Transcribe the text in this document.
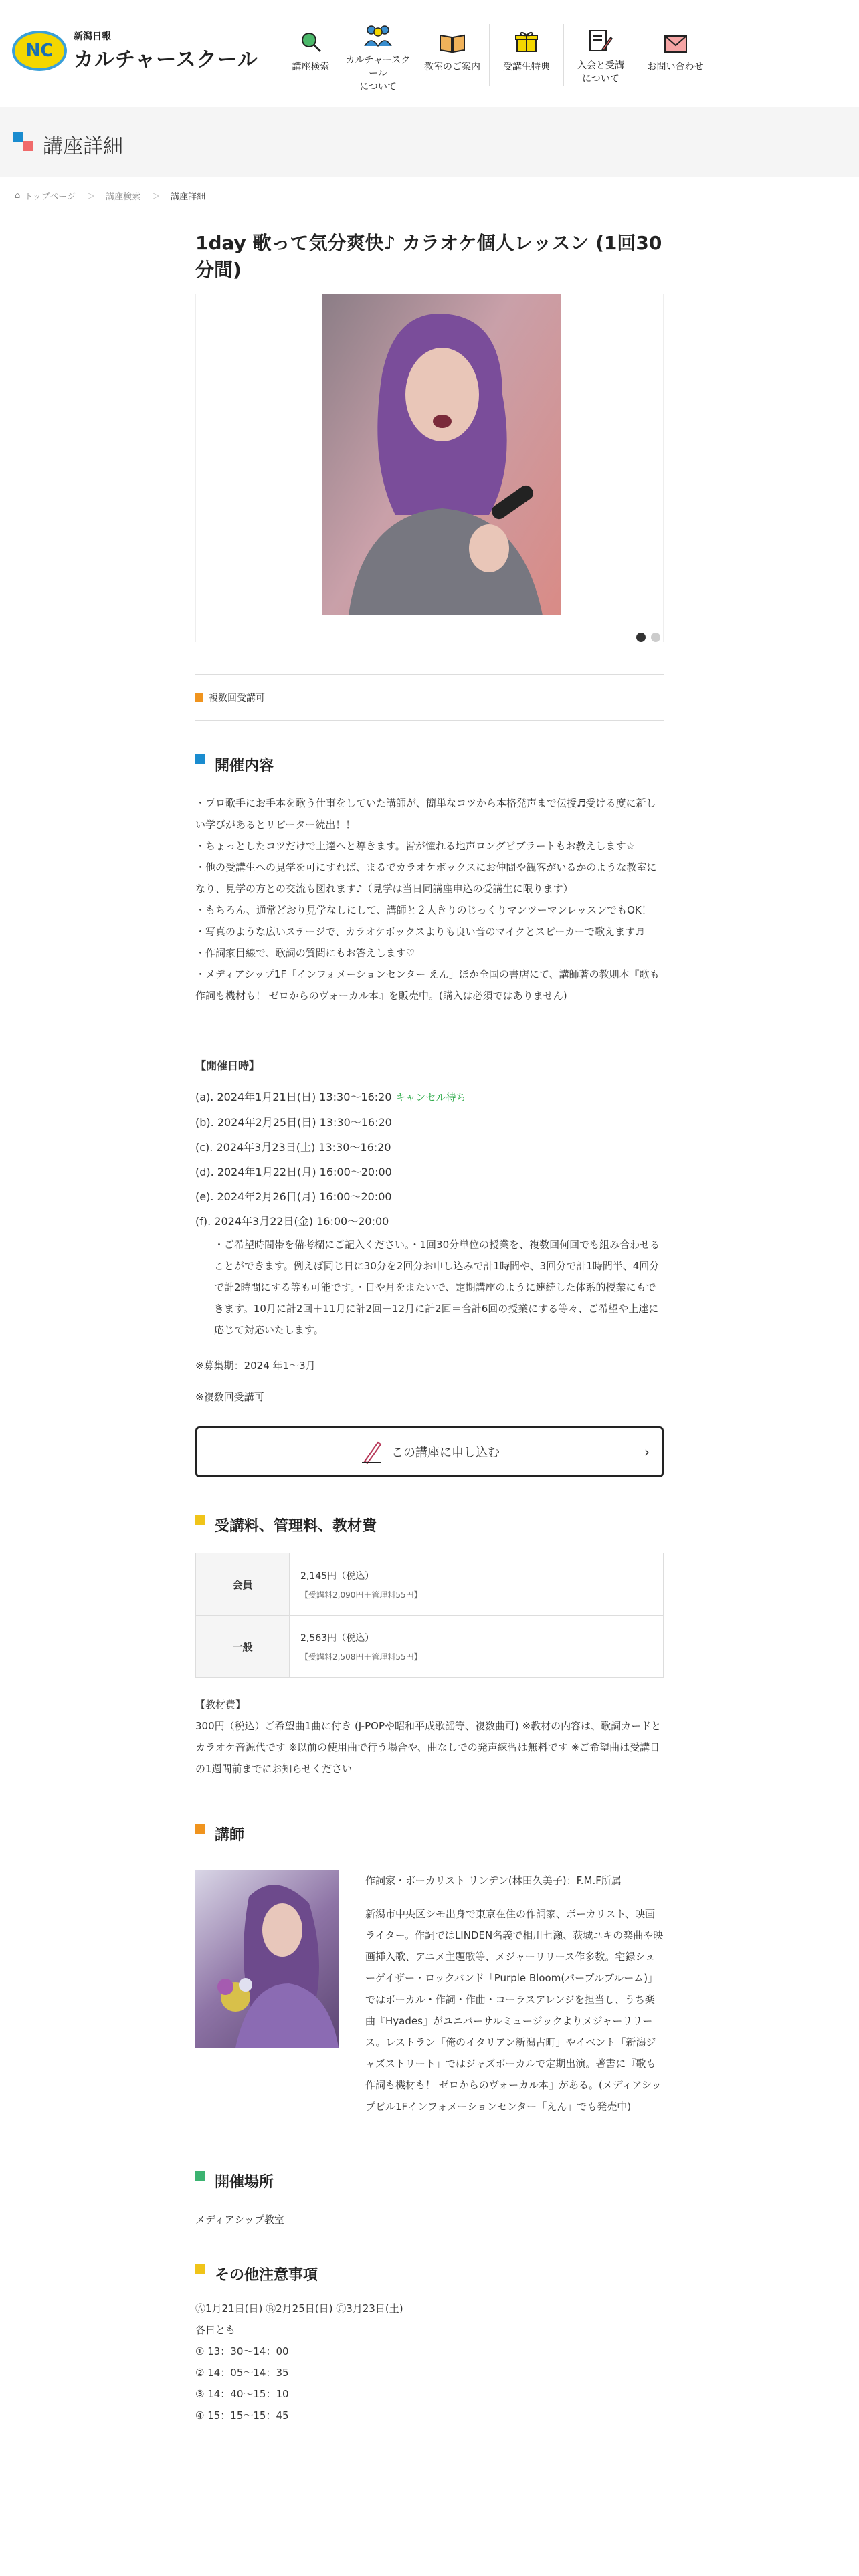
NC
新潟日報
カルチャースクール	講座検索
カルチャースクール
について
教室のご案内 受講生特典	入会と受講
について
お問い合わせ
講座詳細
⌂ トップページ ＞ 講座検索 ＞ 講座詳細
1day 歌って気分爽快♪ カラオケ個人レッスン (1回30分間)
複数回受講可
開催内容

・プロ歌手にお手本を歌う仕事をしていた講師が、簡単なコツから本格発声まで伝授♬受ける度に新しい学びがあるとリピーター続出！！

・ちょっとしたコツだけで上達へと導きます。皆が憧れる地声ロングビブラートもお教えします☆

・他の受講生への見学を可にすれば、まるでカラオケボックスにお仲間や観客がいるかのような教室になり、見学の方との交流も図れます♪（見学は当日同講座申込の受講生に限ります）

・もちろん、通常どおり見学なしにして、講師と２人きりのじっくりマンツーマンレッスンでもOK！

・写真のような広いステージで、カラオケボックスよりも良い音のマイクとスピーカーで歌えます♬

・作詞家目線で、歌詞の質問にもお答えします♡

・メディアシップ1F「インフォメーションセンター えん」ほか全国の書店にて、講師著の教則本『歌も作詞も機材も！ ゼロからのヴォーカル本』を販売中。(購入は必須ではありません)

【開催日時】
(a). 2024年1月21日(日) 13:30〜16:20 キャンセル待ち
(b). 2024年2月25日(日) 13:30〜16:20
(c). 2024年3月23日(土) 13:30〜16:20
(d). 2024年1月22日(月) 16:00〜20:00
(e). 2024年2月26日(月) 16:00〜20:00
(f). 2024年3月22日(金) 16:00〜20:00
・ご希望時間帯を備考欄にご記入ください。・1回30分単位の授業を、複数回何回でも組み合わせることができます。例えば同じ日に30分を2回分お申し込みで計1時間や、3回分で計1時間半、4回分で計2時間にする等も可能です。・日や月をまたいで、定期講座のように連続した体系的授業にもできます。10月に計2回＋11月に計2回＋12月に計2回＝合計6回の授業にする等々、ご希望や上達に応じて対応いたします。
※募集期：2024 年1〜3月
※複数回受講可
この講座に申し込む	›
受講料、管理料、教材費
会員	2,145円（税込）
【受講料2,090円＋管理料55円】

一般	2,563円（税込）
【受講料2,508円＋管理料55円】
【教材費】
300円（税込）ご希望曲1曲に付き (J-POPや昭和平成歌謡等、複数曲可) ※教材の内容は、歌詞カードとカラオケ音源代です ※以前の使用曲で行う場合や、曲なしでの発声練習は無料です ※ご希望曲は受講日の1週間前までにお知らせください
講師
作詞家・ボーカリスト リンデン(林田久美子)：F.M.F所属
新潟市中央区シモ出身で東京在住の作詞家、ボーカリスト、映画ライター。作詞ではLINDEN名義で相川七瀬、荻城ユキの楽曲や映画挿入歌、アニメ主題歌等、メジャーリリース作多数。宅録シューゲイザー・ロックバンド「Purple Bloom(パープルブルーム)」ではボーカル・作詞・作曲・コーラスアレンジを担当し、うち楽曲『Hyades』がユニバーサルミュージックよりメジャーリリース。レストラン「俺のイタリアン新潟古町」やイベント「新潟ジャズストリート」ではジャズボーカルで定期出演。著書に『歌も作詞も機材も！ ゼロからのヴォーカル本』がある。(メディアシップビル1Fインフォメーションセンター「えん」でも発売中)
開催場所
メディアシップ教室
その他注意事項
Ⓐ1月21日(日) Ⓑ2月25日(日) Ⓒ3月23日(土)
各日とも
① 13：30〜14：00
② 14：05〜14：35
③ 14：40〜15：10
④ 15：15〜15：45
